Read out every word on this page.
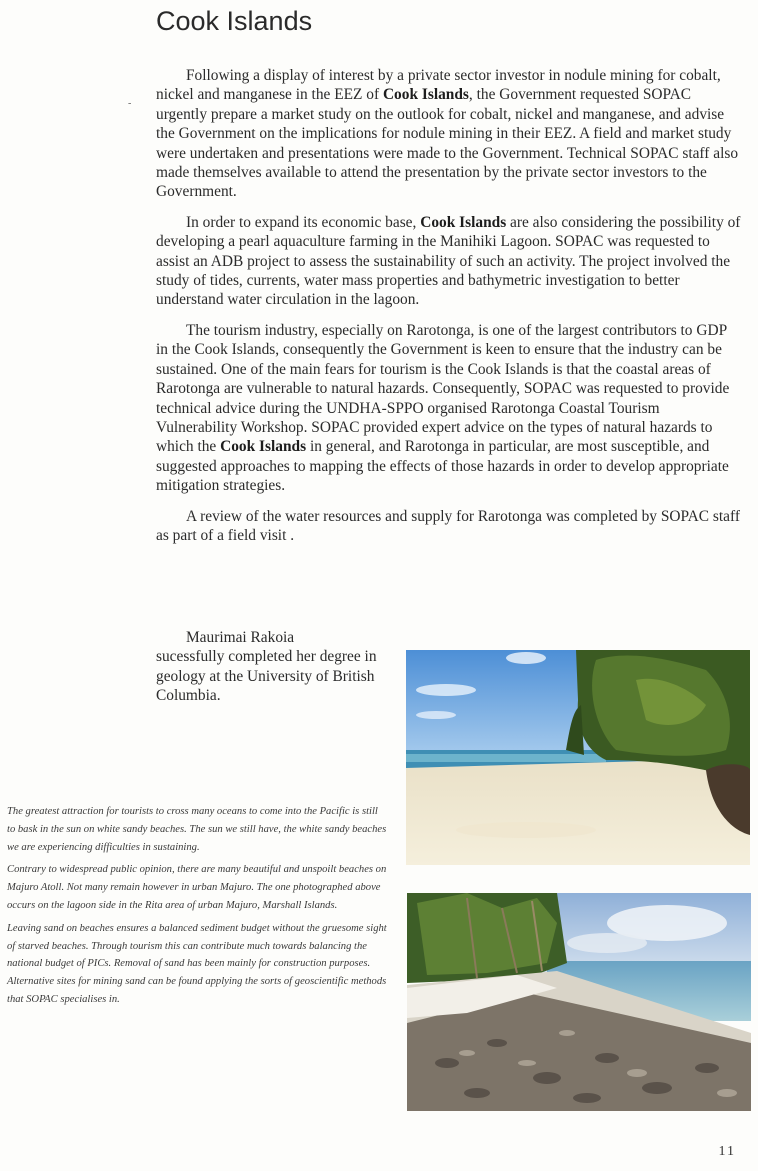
Cook Islands
-

Following a display of interest by a private sector investor in nodule mining for cobalt, nickel and manganese in the EEZ of Cook Islands, the Government requested SOPAC urgently prepare a market study on the outlook for cobalt, nickel and manganese, and advise the Government on the implications for nodule mining in their EEZ. A field and market study were undertaken and presentations were made to the Government. Technical SOPAC staff also made themselves available to attend the presentation by the private sector investors to the Government.

In order to expand its economic base, Cook Islands are also considering the possibility of developing a pearl aquaculture farming in the Manihiki Lagoon. SOPAC was requested to assist an ADB project to assess the sustainability of such an activity. The project involved the study of tides, currents, water mass properties and bathymetric investigation to better understand water circulation in the lagoon.

The tourism industry, especially on Rarotonga, is one of the largest contributors to GDP in the Cook Islands, consequently the Government is keen to ensure that the industry can be sustained. One of the main fears for tourism is the Cook Islands is that the coastal areas of Rarotonga are vulnerable to natural hazards. Consequently, SOPAC was requested to provide technical advice during the UNDHA-SPPO organised Rarotonga Coastal Tourism Vulnerability Workshop. SOPAC provided expert advice on the types of natural hazards to which the Cook Islands in general, and Rarotonga in particular, are most susceptible, and suggested approaches to mapping the effects of those hazards in order to develop appropriate mitigation strategies.

A review of the water resources and supply for Rarotonga was completed by SOPAC staff as part of a field visit .

Maurimai Rakoia
sucessfully completed her degree in geology at the University of British Columbia.

The greatest attraction for tourists to cross many oceans to come into the Pacific is still to bask in the sun on white sandy beaches. The sun we still have, the white sandy beaches we are experiencing difficulties in sustaining.

Contrary to widespread public opinion, there are many beautiful and unspoilt beaches on Majuro Atoll. Not many remain however in urban Majuro. The one photographed above occurs on the lagoon side in the Rita area of urban Majuro, Marshall Islands.

Leaving sand on beaches ensures a balanced sediment budget without the gruesome sight of starved beaches. Through tourism this can contribute much towards balancing the national budget of PICs. Removal of sand has been mainly for construction purposes. Alternative sites for mining sand can be found applying the sorts of geoscientific methods that SOPAC specialises in.

11
